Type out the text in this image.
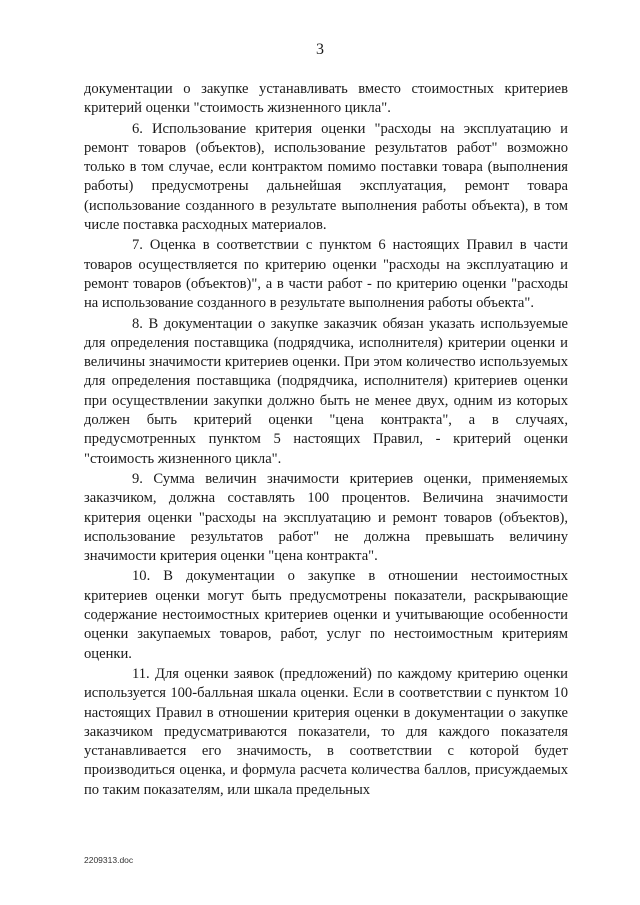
3

документации о закупке устанавливать вместо стоимостных критериев критерий оценки "стоимость жизненного цикла".

6. Использование критерия оценки "расходы на эксплуатацию и ремонт товаров (объектов), использование результатов работ" возможно только в том случае, если контрактом помимо поставки товара (выполнения работы) предусмотрены дальнейшая эксплуатация, ремонт товара (использование созданного в результате выполнения работы объекта), в том числе поставка расходных материалов.

7. Оценка в соответствии с пунктом 6 настоящих Правил в части товаров осуществляется по критерию оценки "расходы на эксплуатацию и ремонт товаров (объектов)", а в части работ - по критерию оценки "расходы на использование созданного в результате выполнения работы объекта".

8. В документации о закупке заказчик обязан указать используемые для определения поставщика (подрядчика, исполнителя) критерии оценки и величины значимости критериев оценки. При этом количество используемых для определения поставщика (подрядчика, исполнителя) критериев оценки при осуществлении закупки должно быть не менее двух, одним из которых должен быть критерий оценки "цена контракта", а в случаях, предусмотренных пунктом 5 настоящих Правил, - критерий оценки "стоимость жизненного цикла".

9. Сумма величин значимости критериев оценки, применяемых заказчиком, должна составлять 100 процентов. Величина значимости критерия оценки "расходы на эксплуатацию и ремонт товаров (объектов), использование результатов работ" не должна превышать величину значимости критерия оценки "цена контракта".

10. В документации о закупке в отношении нестоимостных критериев оценки могут быть предусмотрены показатели, раскрывающие содержание нестоимостных критериев оценки и учитывающие особенности оценки закупаемых товаров, работ, услуг по нестоимостным критериям оценки.

11. Для оценки заявок (предложений) по каждому критерию оценки используется 100-балльная шкала оценки. Если в соответствии с пунктом 10 настоящих Правил в отношении критерия оценки в документации о закупке заказчиком предусматриваются показатели, то для каждого показателя устанавливается его значимость, в соответствии с которой будет производиться оценка, и формула расчета количества баллов, присуждаемых по таким показателям, или шкала предельных

2209313.doc
